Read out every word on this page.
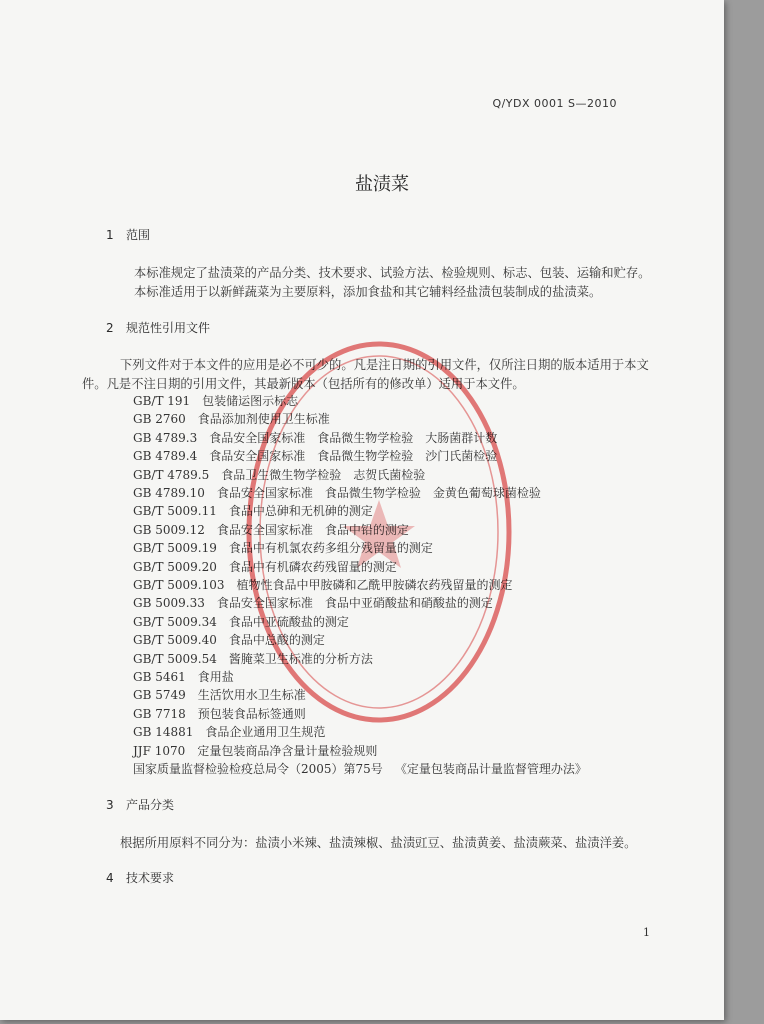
Q/YDX 0001 S—2010
盐渍菜
1 范围
本标准规定了盐渍菜的产品分类、技术要求、试验方法、检验规则、标志、包装、运输和贮存。
本标准适用于以新鲜蔬菜为主要原料，添加食盐和其它辅料经盐渍包装制成的盐渍菜。
2 规范性引用文件
下列文件对于本文件的应用是必不可少的。凡是注日期的引用文件，仅所注日期的版本适用于本文
件。凡是不注日期的引用文件，其最新版本（包括所有的修改单）适用于本文件。
GB/T 191 包装储运图示标志
GB 2760 食品添加剂使用卫生标准
GB 4789.3 食品安全国家标准　食品微生物学检验　大肠菌群计数
GB 4789.4 食品安全国家标准　食品微生物学检验　沙门氏菌检验
GB/T 4789.5 食品卫生微生物学检验　志贺氏菌检验
GB 4789.10 食品安全国家标准　食品微生物学检验　金黄色葡萄球菌检验
GB/T 5009.11 食品中总砷和无机砷的测定
GB 5009.12 食品安全国家标准　食品中铅的测定
GB/T 5009.19 食品中有机氯农药多组分残留量的测定
GB/T 5009.20 食品中有机磷农药残留量的测定
GB/T 5009.103 植物性食品中甲胺磷和乙酰甲胺磷农药残留量的测定
GB 5009.33 食品安全国家标准　食品中亚硝酸盐和硝酸盐的测定
GB/T 5009.34 食品中亚硫酸盐的测定
GB/T 5009.40 食品中总酸的测定
GB/T 5009.54 酱腌菜卫生标准的分析方法
GB 5461 食用盐
GB 5749 生活饮用水卫生标准
GB 7718 预包装食品标签通则
GB 14881 食品企业通用卫生规范
JJF 1070 定量包装商品净含量计量检验规则
国家质量监督检验检疫总局令（2005）第75号 《定量包装商品计量监督管理办法》
3 产品分类
根据所用原料不同分为：盐渍小米辣、盐渍辣椒、盐渍豇豆、盐渍黄姜、盐渍蕨菜、盐渍洋姜。
4 技术要求
1
